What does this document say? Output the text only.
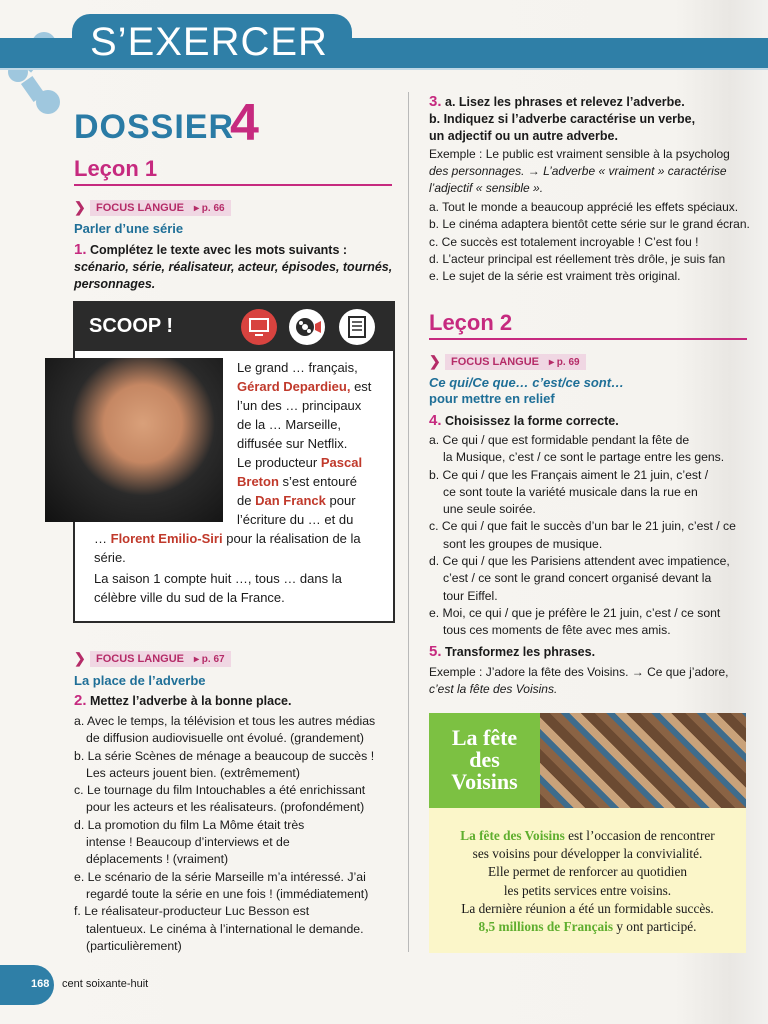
S’EXERCER
DOSSIER
4
Leçon 1
❯ FOCUS LANGUE ▸ p. 66
Parler d’une série
1. Complétez le texte avec les mots suivants :
scénario, série, réalisateur, acteur, épisodes, tournés,
personnages.
SCOOP !
Le grand … français,
Gérard Depardieu, est
l’un des … principaux
de la … Marseille,
diffusée sur Netflix.
Le producteur Pascal
Breton s’est entouré
de Dan Franck pour
l’écriture du … et du
… Florent Emilio-Siri pour la réalisation de la
série.
La saison 1 compte huit …, tous … dans la
célèbre ville du sud de la France.
❯ FOCUS LANGUE ▸ p. 67
La place de l’adverbe
2. Mettez l’adverbe à la bonne place.
a. Avec le temps, la télévision et tous les autres médias
de diffusion audiovisuelle ont évolué. (grandement)
b. La série Scènes de ménage a beaucoup de succès !
Les acteurs jouent bien. (extrêmement)
c. Le tournage du film Intouchables a été enrichissant
pour les acteurs et les réalisateurs. (profondément)
d. La promotion du film La Môme était très
intense ! Beaucoup d’interviews et de
déplacements ! (vraiment)
e. Le scénario de la série Marseille m’a intéressé. J’ai
regardé toute la série en une fois ! (immédiatement)
f. Le réalisateur-producteur Luc Besson est
talentueux. Le cinéma à l’international le demande.
(particulièrement)
3. a. Lisez les phrases et relevez l’adverbe.
b. Indiquez si l’adverbe caractérise un verbe,
un adjectif ou un autre adverbe.
Exemple : Le public est vraiment sensible à la psycholog
des personnages. → L’adverbe « vraiment » caractérise
l’adjectif « sensible ».
a. Tout le monde a beaucoup apprécié les effets spéciaux.
b. Le cinéma adaptera bientôt cette série sur le grand écran.
c. Ce succès est totalement incroyable ! C’est fou !
d. L’acteur principal est réellement très drôle, je suis fan
e. Le sujet de la série est vraiment très original.
Leçon 2
❯ FOCUS LANGUE ▸ p. 69
Ce qui/Ce que… c’est/ce sont…
pour mettre en relief
4. Choisissez la forme correcte.
a. Ce qui / que est formidable pendant la fête de
la Musique, c’est / ce sont le partage entre les gens.
b. Ce qui / que les Français aiment le 21 juin, c’est /
ce sont toute la variété musicale dans la rue en
une seule soirée.
c. Ce qui / que fait le succès d’un bar le 21 juin, c’est / ce
sont les groupes de musique.
d. Ce qui / que les Parisiens attendent avec impatience,
c’est / ce sont le grand concert organisé devant la
tour Eiffel.
e. Moi, ce qui / que je préfère le 21 juin, c’est / ce sont
tous ces moments de fête avec mes amis.
5. Transformez les phrases.
Exemple : J’adore la fête des Voisins. → Ce que j’adore,
c’est la fête des Voisins.
La fête
des
Voisins
La fête des Voisins est l’occasion de rencontrer
ses voisins pour développer la convivialité.
Elle permet de renforcer au quotidien
les petits services entre voisins.
La dernière réunion a été un formidable succès.
8,5 millions de Français y ont participé.
168 cent soixante-huit
